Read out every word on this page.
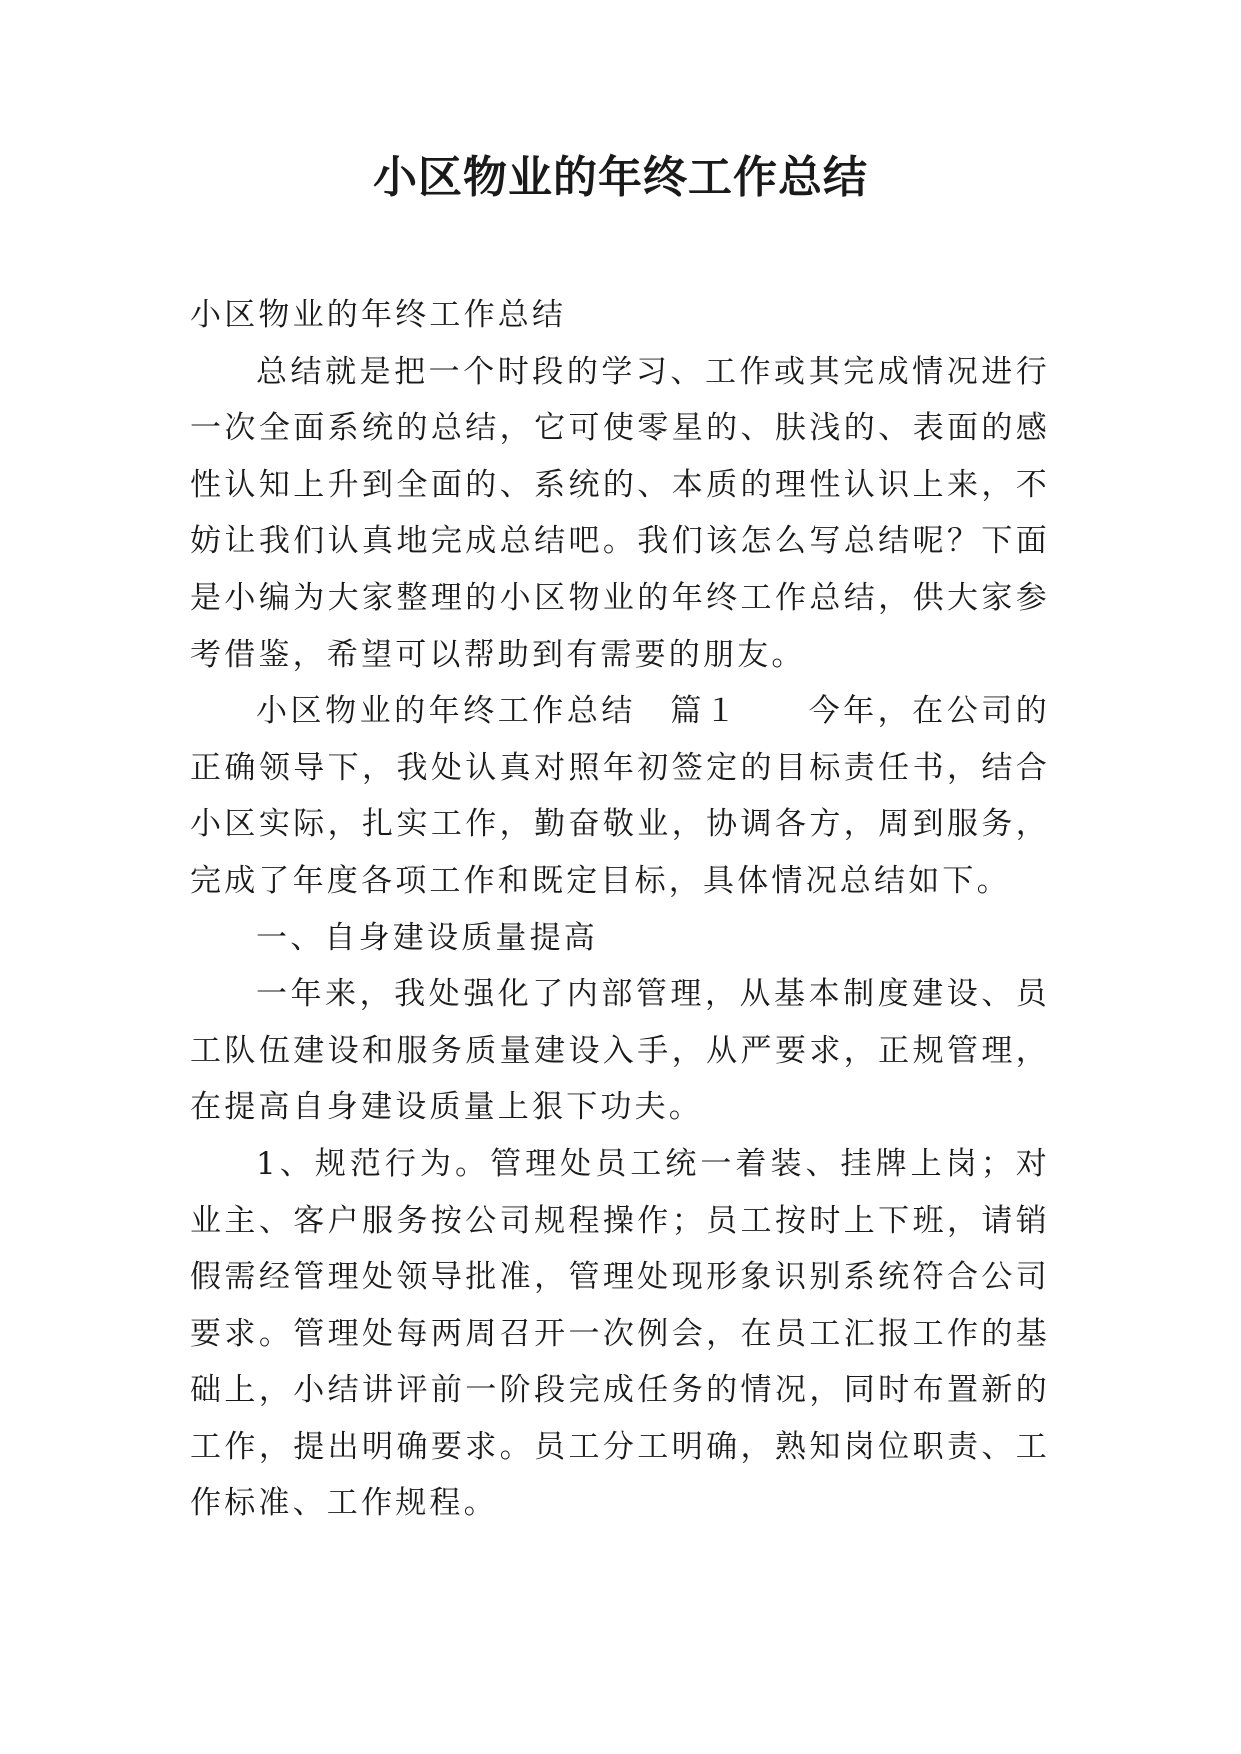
小区物业的年终工作总结

小区物业的年终工作总结

总结就是把一个时段的学习、工作或其完成情况进行一次全面系统的总结，它可使零星的、肤浅的、表面的感性认知上升到全面的、系统的、本质的理性认识上来，不妨让我们认真地完成总结吧。我们该怎么写总结呢？下面是小编为大家整理的小区物业的年终工作总结，供大家参考借鉴，希望可以帮助到有需要的朋友。

小区物业的年终工作总结　篇１　　今年，在公司的正确领导下，我处认真对照年初签定的目标责任书，结合小区实际，扎实工作，勤奋敬业，协调各方，周到服务，完成了年度各项工作和既定目标，具体情况总结如下。

一、自身建设质量提高

一年来，我处强化了内部管理，从基本制度建设、员工队伍建设和服务质量建设入手，从严要求，正规管理，在提高自身建设质量上狠下功夫。

1、规范行为。管理处员工统一着装、挂牌上岗；对业主、客户服务按公司规程操作；员工按时上下班，请销假需经管理处领导批准，管理处现形象识别系统符合公司要求。管理处每两周召开一次例会，在员工汇报工作的基础上，小结讲评前一阶段完成任务的情况，同时布置新的工作，提出明确要求。员工分工明确，熟知岗位职责、工作标准、工作规程。
